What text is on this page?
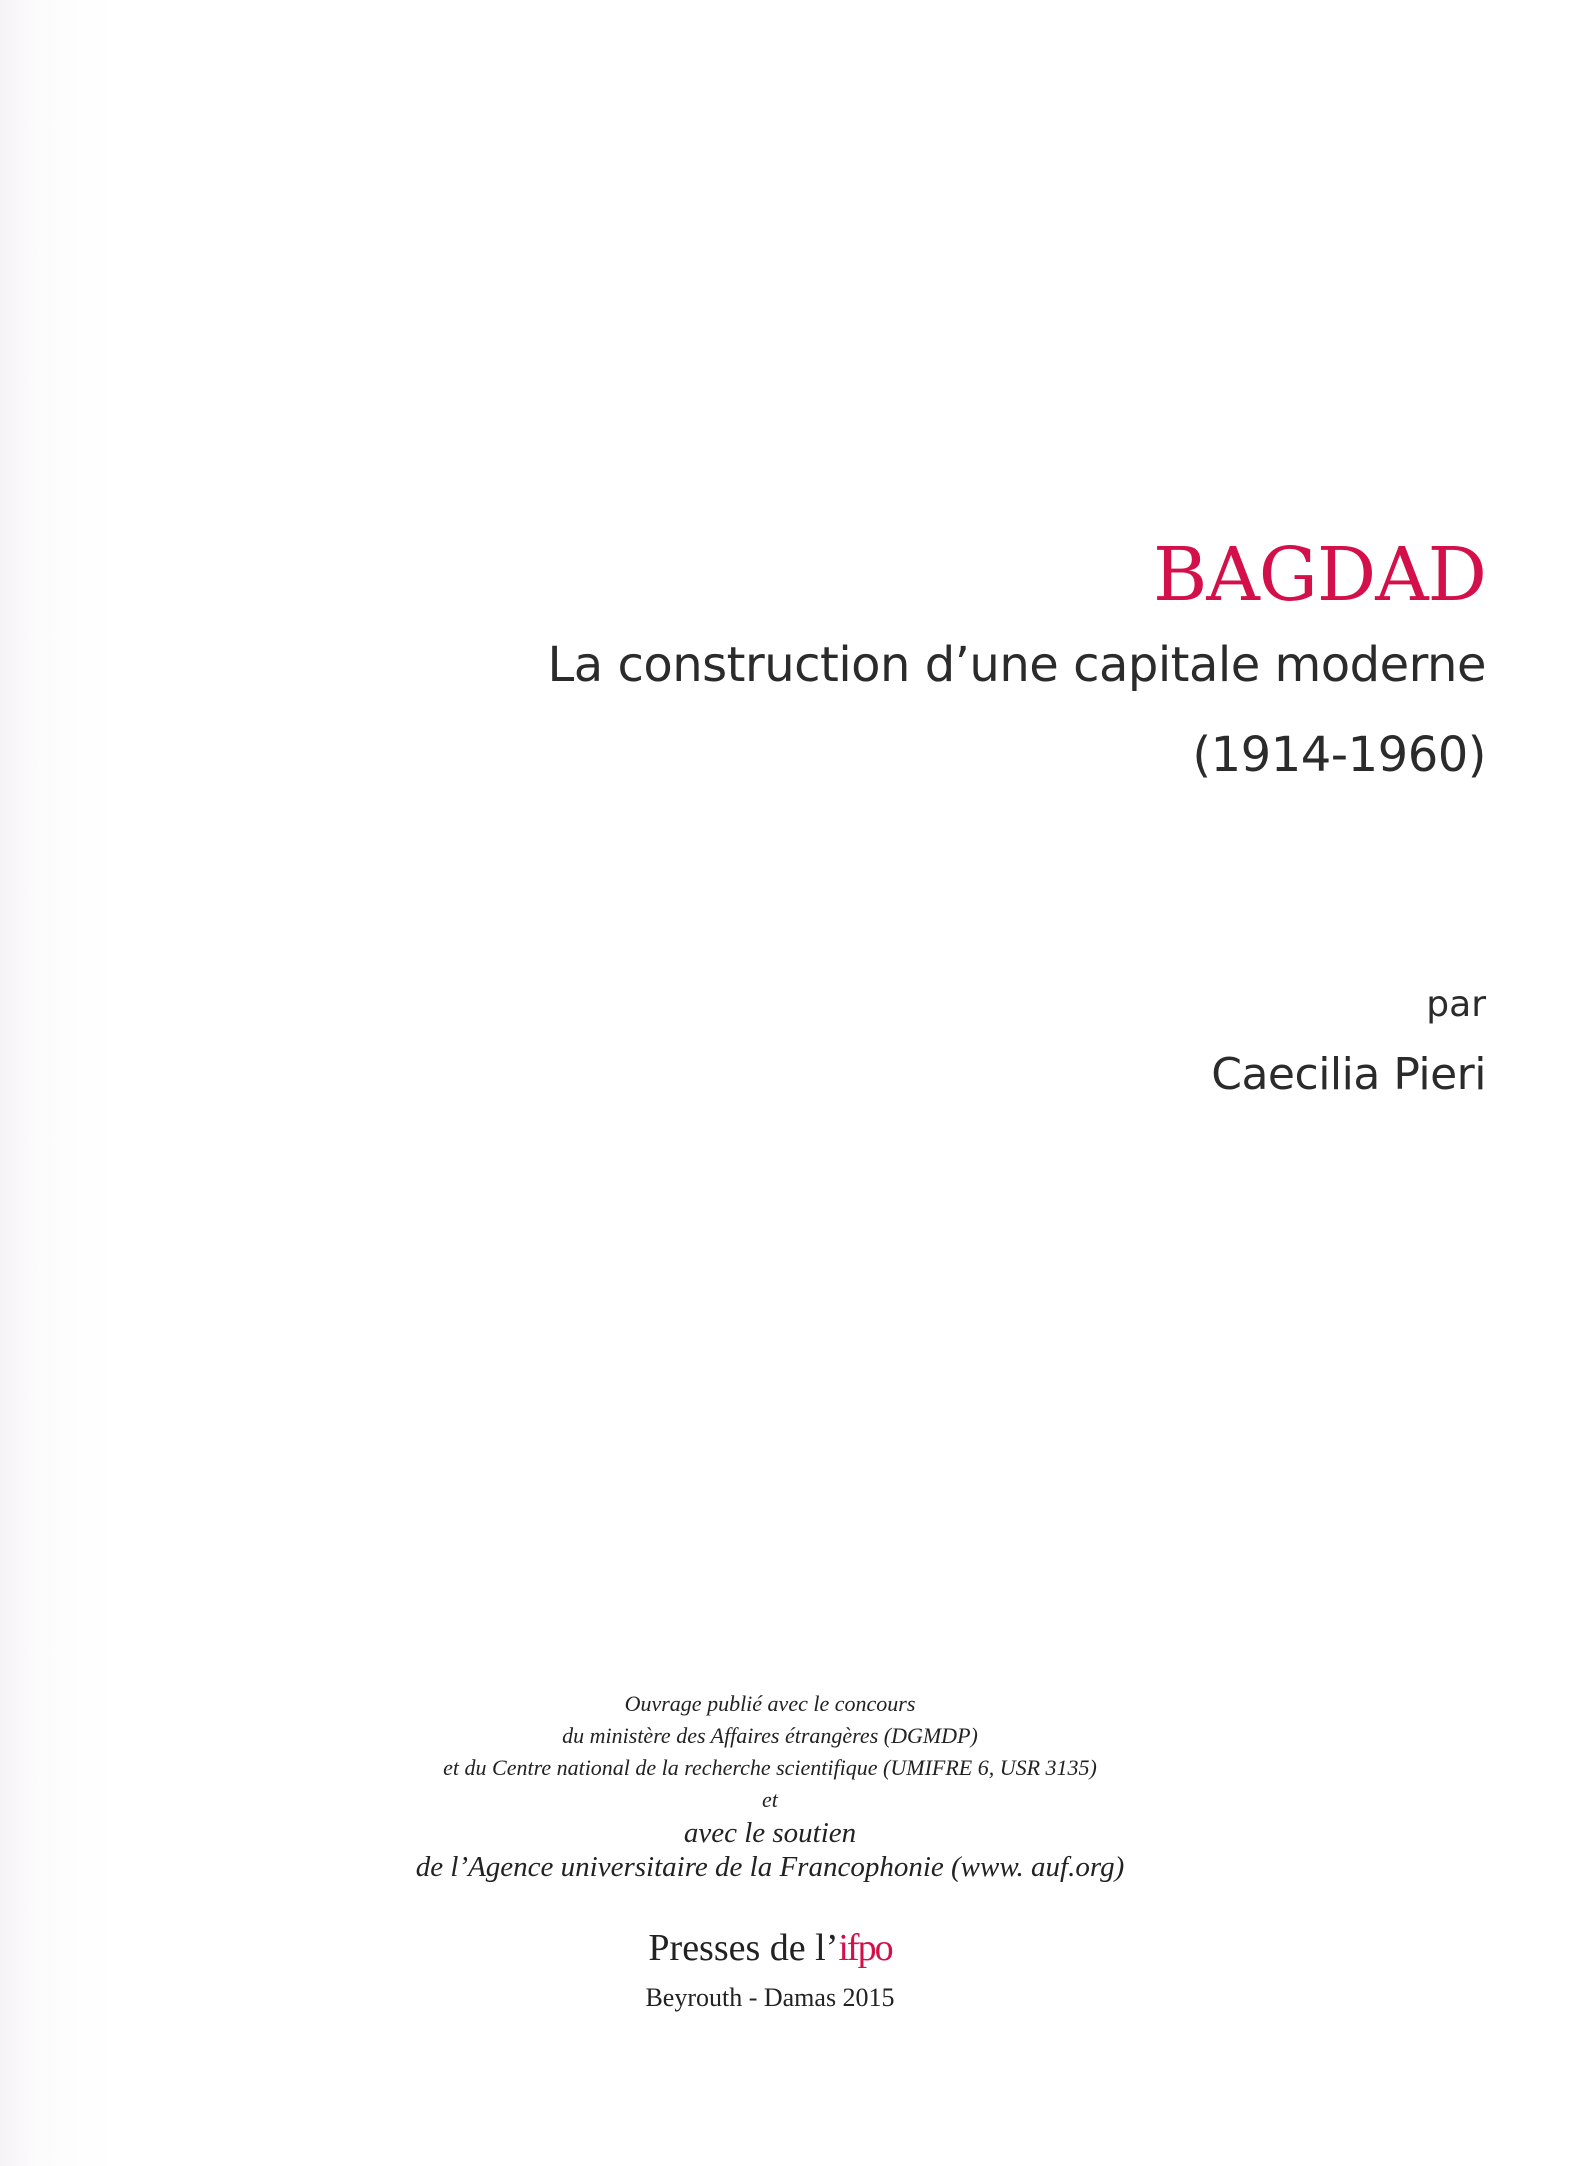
BAGDAD
La construction d’une capitale moderne
(1914-1960)
par
Caecilia Pieri
Ouvrage publié avec le concours
du ministère des Affaires étrangères (DGMDP)
et du Centre national de la recherche scientifique (UMIFRE 6, USR 3135)
et
avec le soutien
de l’Agence universitaire de la Francophonie (www. auf.org)
Presses de l’ifpo
Beyrouth - Damas 2015
